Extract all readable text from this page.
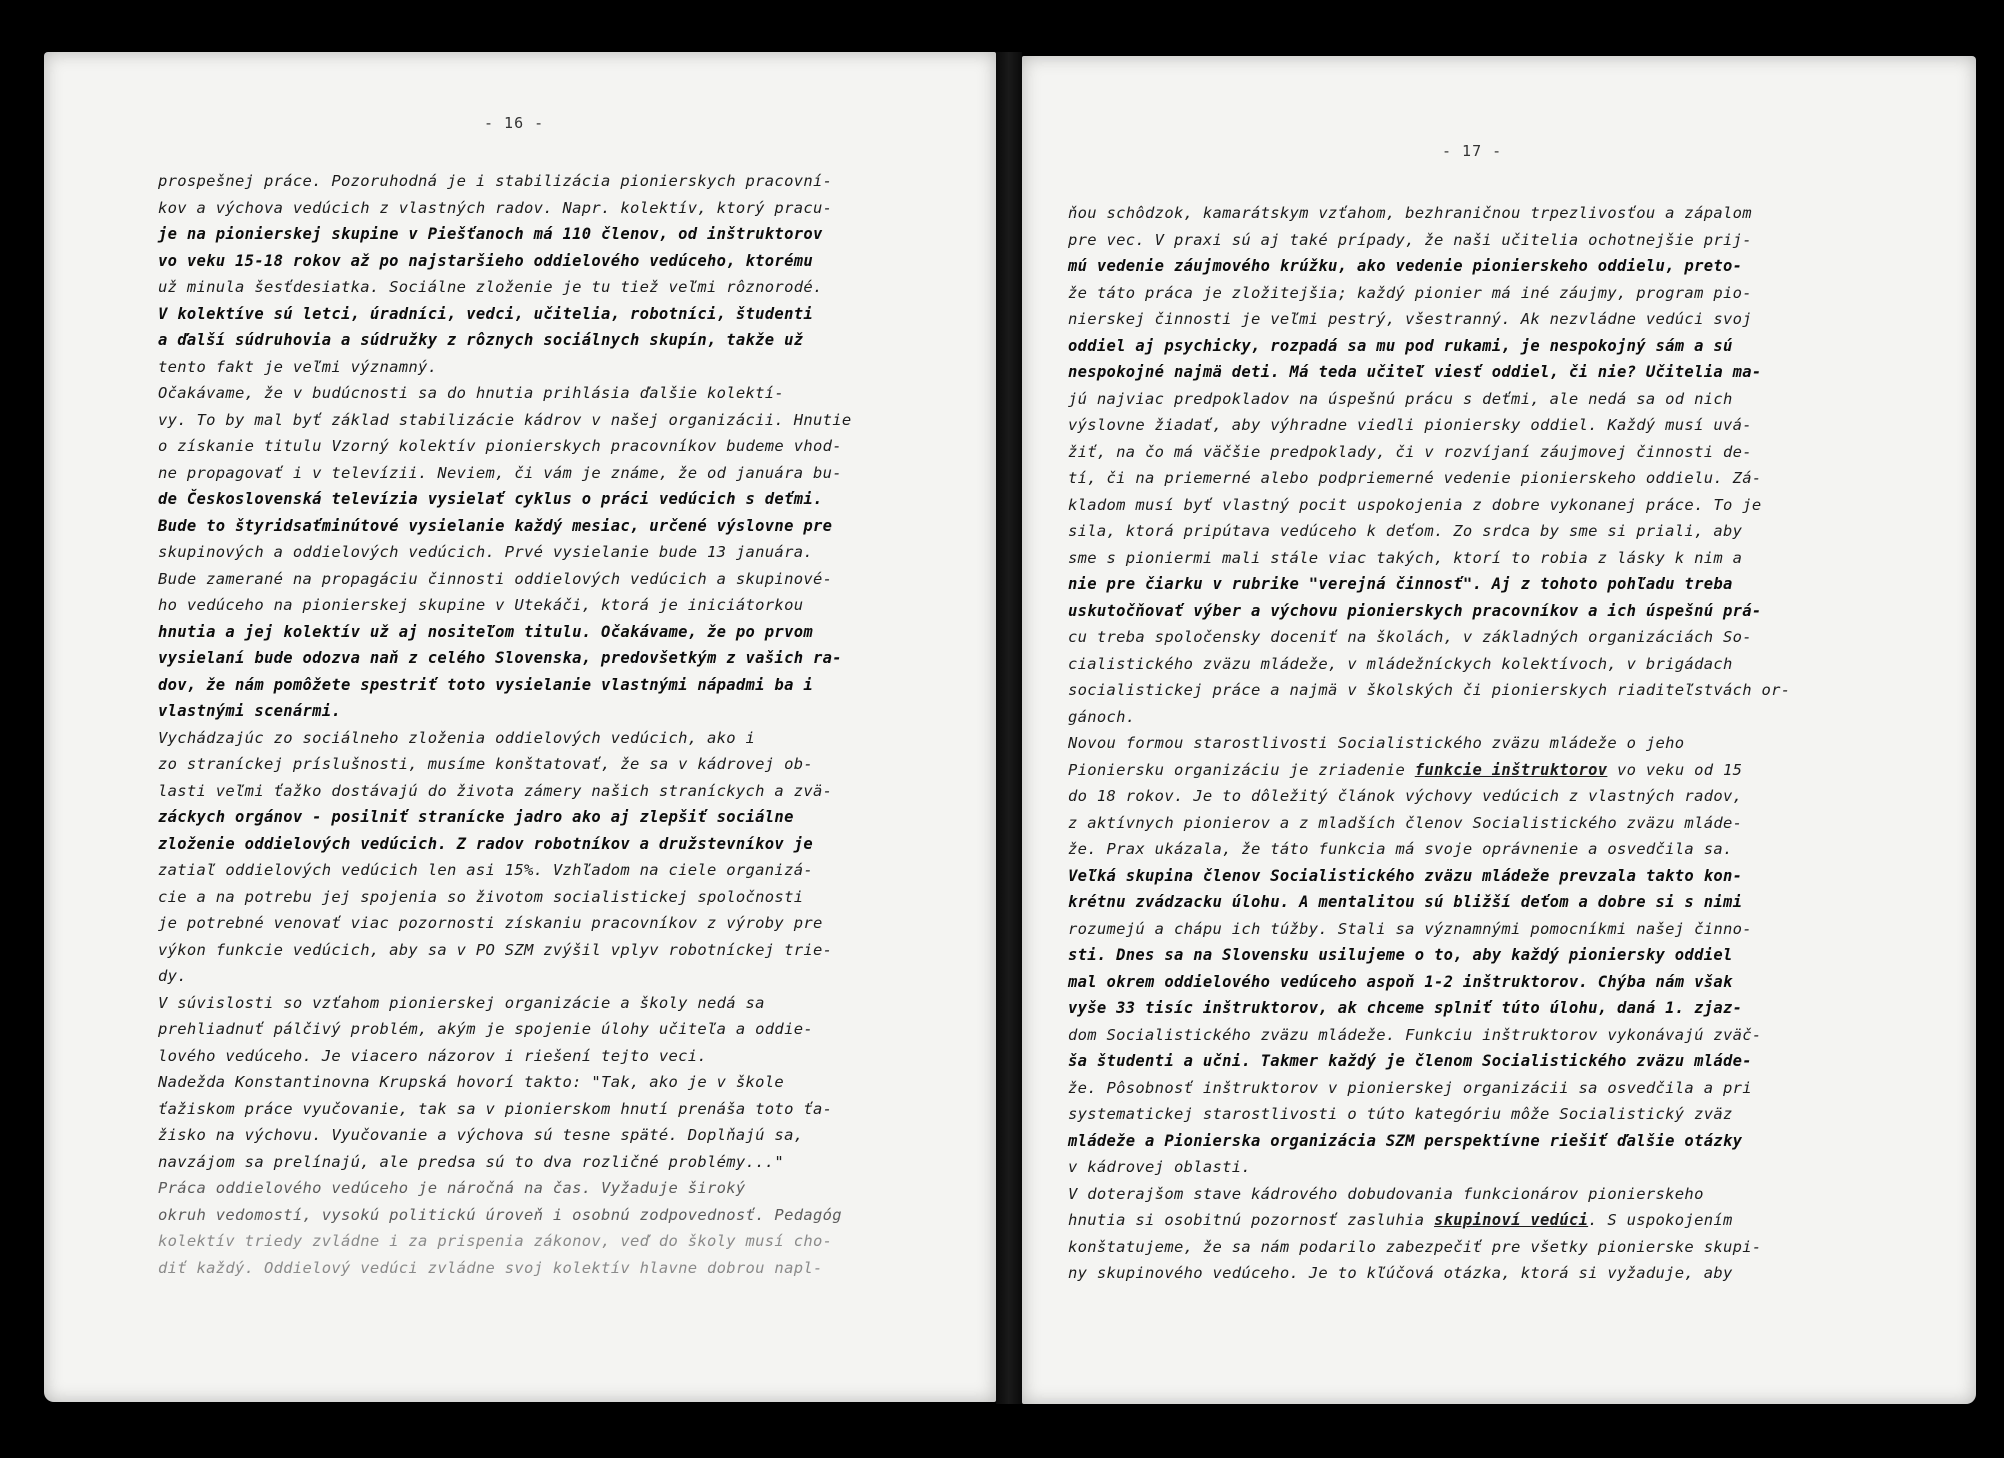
- 16 -
prospešnej práce. Pozoruhodná je i stabilizácia pionierskych pracovní-
kov a výchova vedúcich z vlastných radov. Napr. kolektív, ktorý pracu-
je na pionierskej skupine v Piešťanoch má 110 členov, od inštruktorov
vo veku 15-18 rokov až po najstaršieho oddielového vedúceho, ktorému
už minula šesťdesiatka. Sociálne zloženie je tu tiež veľmi rôznorodé.
V kolektíve sú letci, úradníci, vedci, učitelia, robotníci, študenti
a ďalší súdruhovia a súdružky z rôznych sociálnych skupín, takže už
tento fakt je veľmi významný.
Očakávame, že v budúcnosti sa do hnutia prihlásia ďalšie kolektí-
vy. To by mal byť základ stabilizácie kádrov v našej organizácii. Hnutie
o získanie titulu Vzorný kolektív pionierskych pracovníkov budeme vhod-
ne propagovať i v televízii. Neviem, či vám je známe, že od januára bu-
de Československá televízia vysielať cyklus o práci vedúcich s deťmi.
Bude to štyridsaťminútové vysielanie každý mesiac, určené výslovne pre
skupinových a oddielových vedúcich. Prvé vysielanie bude 13 januára.
Bude zamerané na propagáciu činnosti oddielových vedúcich a skupinové-
ho vedúceho na pionierskej skupine v Utekáči, ktorá je iniciátorkou
hnutia a jej kolektív už aj nositeľom titulu. Očakávame, že po prvom
vysielaní bude odozva naň z celého Slovenska, predovšetkým z vašich ra-
dov, že nám pomôžete spestriť toto vysielanie vlastnými nápadmi ba i
vlastnými scenármi.
Vychádzajúc zo sociálneho zloženia oddielových vedúcich, ako i
zo straníckej príslušnosti, musíme konštatovať, že sa v kádrovej ob-
lasti veľmi ťažko dostávajú do života zámery našich straníckych a zvä-
záckych orgánov - posilniť stranícke jadro ako aj zlepšiť sociálne
zloženie oddielových vedúcich. Z radov robotníkov a družstevníkov je
zatiaľ oddielových vedúcich len asi 15%. Vzhľadom na ciele organizá-
cie a na potrebu jej spojenia so životom socialistickej spoločnosti
je potrebné venovať viac pozornosti získaniu pracovníkov z výroby pre
výkon funkcie vedúcich, aby sa v PO SZM zvýšil vplyv robotníckej trie-
dy.
V súvislosti so vzťahom pionierskej organizácie a školy nedá sa
prehliadnuť pálčivý problém, akým je spojenie úlohy učiteľa a oddie-
lového vedúceho. Je viacero názorov i riešení tejto veci.
Nadežda Konstantinovna Krupská hovorí takto: "Tak, ako je v škole
ťažiskom práce vyučovanie, tak sa v pionierskom hnutí prenáša toto ťa-
žisko na výchovu. Vyučovanie a výchova sú tesne späté. Doplňajú sa,
navzájom sa prelínajú, ale predsa sú to dva rozličné problémy..."
Práca oddielového vedúceho je náročná na čas. Vyžaduje široký
okruh vedomostí, vysokú politickú úroveň i osobnú zodpovednosť. Pedagóg
kolektív triedy zvládne i za prispenia zákonov, veď do školy musí cho-
diť každý. Oddielový vedúci zvládne svoj kolektív hlavne dobrou napl-
- 17 -
ňou schôdzok, kamarátskym vzťahom, bezhraničnou trpezlivosťou a zápalom
pre vec. V praxi sú aj také prípady, že naši učitelia ochotnejšie prij-
mú vedenie záujmového krúžku, ako vedenie pionierskeho oddielu, preto-
že táto práca je zložitejšia; každý pionier má iné záujmy, program pio-
nierskej činnosti je veľmi pestrý, všestranný. Ak nezvládne vedúci svoj
oddiel aj psychicky, rozpadá sa mu pod rukami, je nespokojný sám a sú
nespokojné najmä deti. Má teda učiteľ viesť oddiel, či nie? Učitelia ma-
jú najviac predpokladov na úspešnú prácu s deťmi, ale nedá sa od nich
výslovne žiadať, aby výhradne viedli pioniersky oddiel. Každý musí uvá-
žiť, na čo má väčšie predpoklady, či v rozvíjaní záujmovej činnosti de-
tí, či na priemerné alebo podpriemerné vedenie pionierskeho oddielu. Zá-
kladom musí byť vlastný pocit uspokojenia z dobre vykonanej práce. To je
sila, ktorá pripútava vedúceho k deťom. Zo srdca by sme si priali, aby
sme s pioniermi mali stále viac takých, ktorí to robia z lásky k nim a
nie pre čiarku v rubrike "verejná činnosť". Aj z tohoto pohľadu treba
uskutočňovať výber a výchovu pionierskych pracovníkov a ich úspešnú prá-
cu treba spoločensky doceniť na školách, v základných organizáciách So-
cialistického zväzu mládeže, v mládežníckych kolektívoch, v brigádach
socialistickej práce a najmä v školských či pionierskych riaditeľstvách or-
gánoch.
Novou formou starostlivosti Socialistického zväzu mládeže o jeho
Pioniersku organizáciu je zriadenie funkcie inštruktorov vo veku od 15
do 18 rokov. Je to dôležitý článok výchovy vedúcich z vlastných radov,
z aktívnych pionierov a z mladších členov Socialistického zväzu mláde-
že. Prax ukázala, že táto funkcia má svoje oprávnenie a osvedčila sa.
Veľká skupina členov Socialistického zväzu mládeže prevzala takto kon-
krétnu zvádzacku úlohu. A mentalitou sú bližší deťom a dobre si s nimi
rozumejú a chápu ich túžby. Stali sa významnými pomocníkmi našej činno-
sti. Dnes sa na Slovensku usilujeme o to, aby každý pioniersky oddiel
mal okrem oddielového vedúceho aspoň 1-2 inštruktorov. Chýba nám však
vyše 33 tisíc inštruktorov, ak chceme splniť túto úlohu, daná 1. zjaz-
dom Socialistického zväzu mládeže. Funkciu inštruktorov vykonávajú zväč-
ša študenti a učni. Takmer každý je členom Socialistického zväzu mláde-
že. Pôsobnosť inštruktorov v pionierskej organizácii sa osvedčila a pri
systematickej starostlivosti o túto kategóriu môže Socialistický zväz
mládeže a Pionierska organizácia SZM perspektívne riešiť ďalšie otázky
v kádrovej oblasti.
V doterajšom stave kádrového dobudovania funkcionárov pionierskeho
hnutia si osobitnú pozornosť zasluhia skupinoví vedúci. S uspokojením
konštatujeme, že sa nám podarilo zabezpečiť pre všetky pionierske skupi-
ny skupinového vedúceho. Je to kľúčová otázka, ktorá si vyžaduje, aby
